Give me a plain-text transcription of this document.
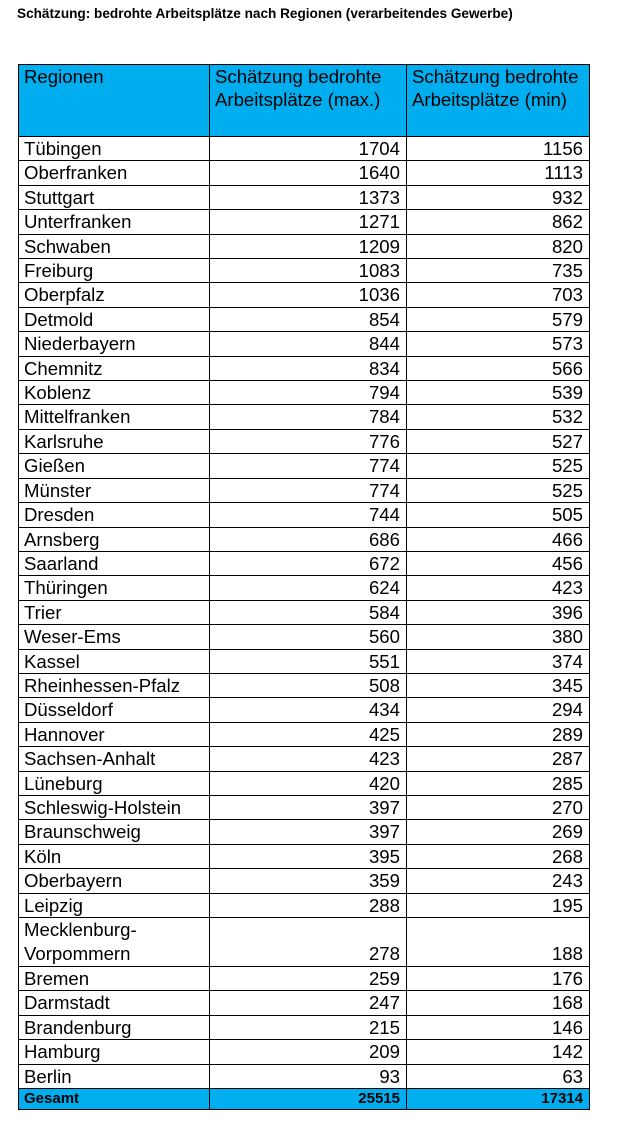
Schätzung: bedrohte Arbeitsplätze nach Regionen (verarbeitendes Gewerbe)
Regionen	Schätzung bedrohte Arbeitsplätze (max.)	Schätzung bedrohte Arbeitsplätze (min)
Tübingen	1704	1156
Oberfranken	1640	1113
Stuttgart	1373	932
Unterfranken	1271	862
Schwaben	1209	820
Freiburg	1083	735
Oberpfalz	1036	703
Detmold	854	579
Niederbayern	844	573
Chemnitz	834	566
Koblenz	794	539
Mittelfranken	784	532
Karlsruhe	776	527
Gießen	774	525
Münster	774	525
Dresden	744	505
Arnsberg	686	466
Saarland	672	456
Thüringen	624	423
Trier	584	396
Weser-Ems	560	380
Kassel	551	374
Rheinhessen-Pfalz	508	345
Düsseldorf	434	294
Hannover	425	289
Sachsen-Anhalt	423	287
Lüneburg	420	285
Schleswig-Holstein	397	270
Braunschweig	397	269
Köln	395	268
Oberbayern	359	243
Leipzig	288	195
Mecklenburg-
Vorpommern	278	188
Bremen	259	176
Darmstadt	247	168
Brandenburg	215	146
Hamburg	209	142
Berlin	93	63
Gesamt	25515	17314
